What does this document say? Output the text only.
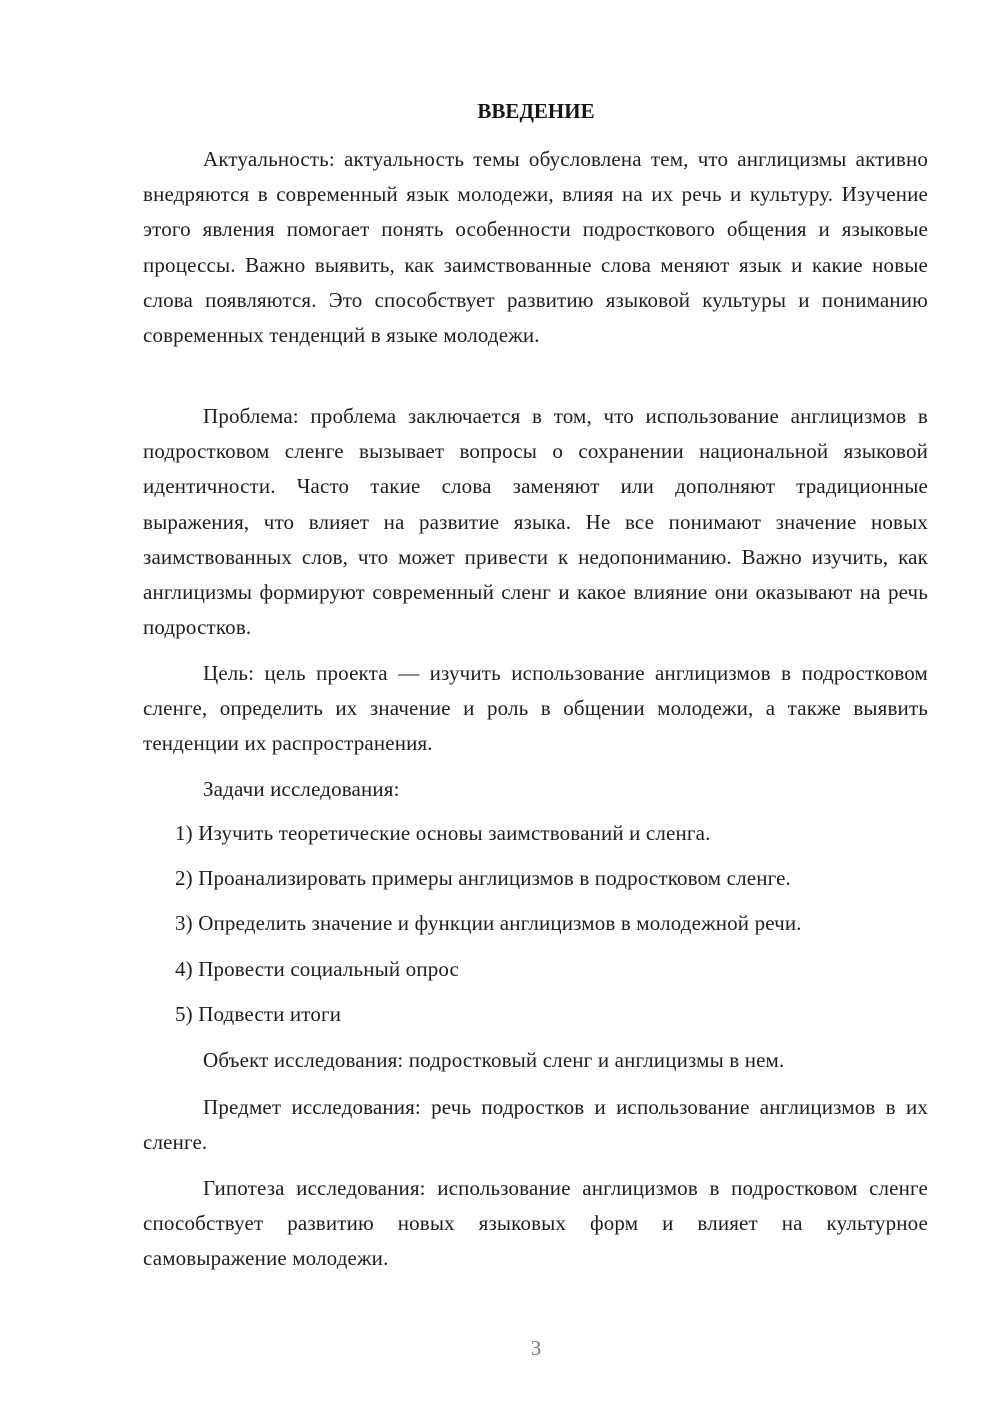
ВВЕДЕНИЕ

Актуальность: актуальность темы обусловлена тем, что англицизмы активно внедряются в современный язык молодежи, влияя на их речь и культуру. Изучение этого явления помогает понять особенности подросткового общения и языковые процессы. Важно выявить, как заимствованные слова меняют язык и какие новые слова появляются. Это способствует развитию языковой культуры и пониманию современных тенденций в языке молодежи.

Проблема: проблема заключается в том, что использование англицизмов в подростковом сленге вызывает вопросы о сохранении национальной языковой идентичности. Часто такие слова заменяют или дополняют традиционные выражения, что влияет на развитие языка. Не все понимают значение новых заимствованных слов, что может привести к недопониманию. Важно изучить, как англицизмы формируют современный сленг и какое влияние они оказывают на речь подростков.

Цель: цель проекта — изучить использование англицизмов в подростковом сленге, определить их значение и роль в общении молодежи, а также выявить тенденции их распространения.

Задачи исследования:

1) Изучить теоретические основы заимствований и сленга.
2) Проанализировать примеры англицизмов в подростковом сленге.
3) Определить значение и функции англицизмов в молодежной речи.
4) Провести социальный опрос
5) Подвести итоги

Объект исследования: подростковый сленг и англицизмы в нем.

Предмет исследования: речь подростков и использование англицизмов в их сленге.

Гипотеза исследования: использование англицизмов в подростковом сленге способствует развитию новых языковых форм и влияет на культурное самовыражение молодежи.

3
